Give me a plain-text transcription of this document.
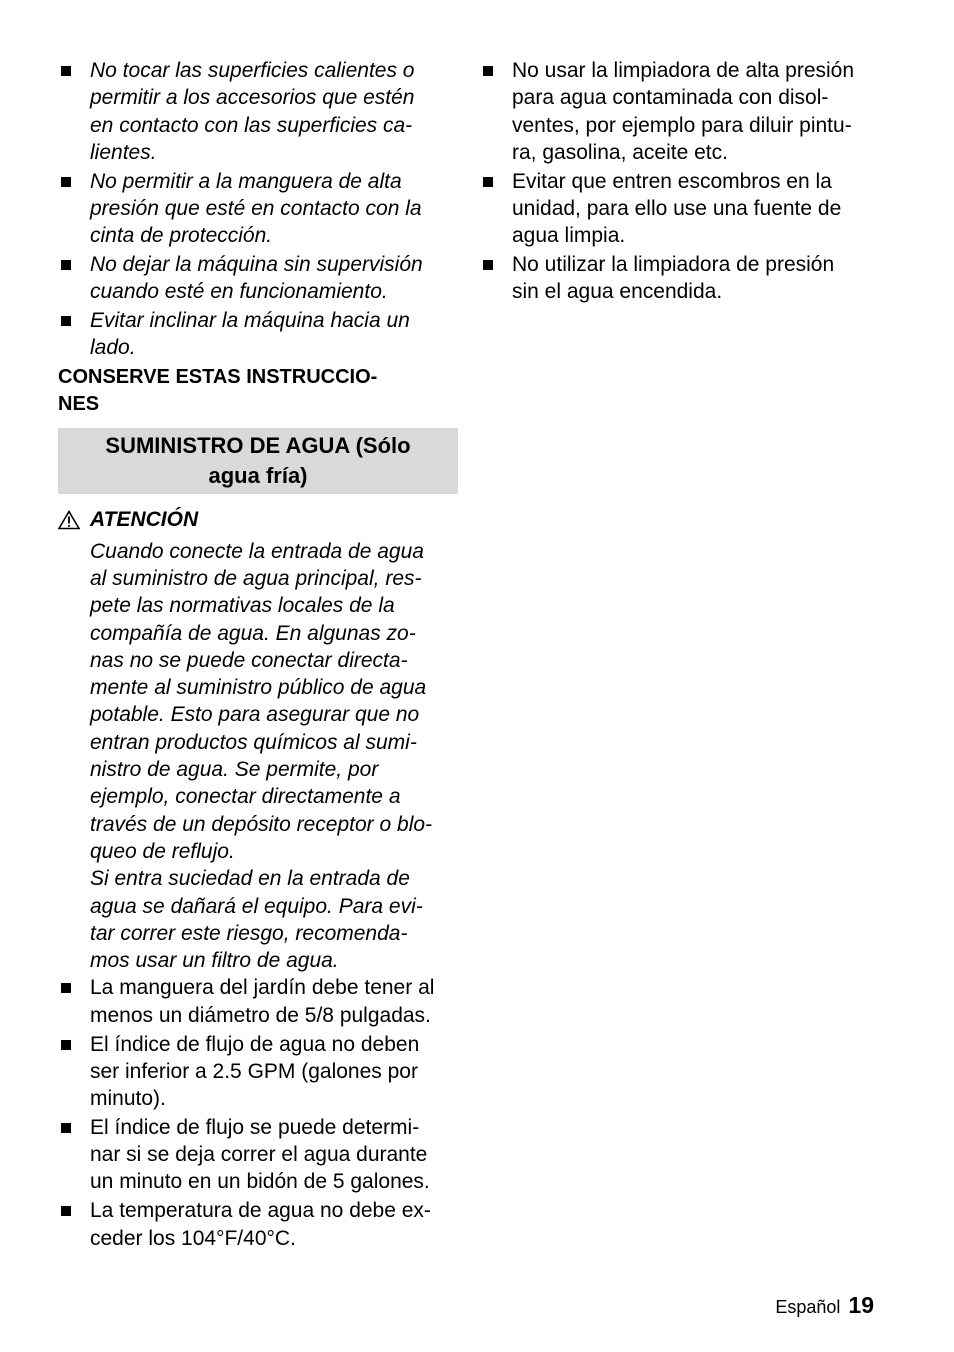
No tocar las superficies calientes o
permitir a los accesorios que estén
en contacto con las superficies ca-
lientes.
No permitir a la manguera de alta
presión que esté en contacto con la
cinta de protección.
No dejar la máquina sin supervisión
cuando esté en funcionamiento.
Evitar inclinar la máquina hacia un
lado.
CONSERVE ESTAS INSTRUCCIO-
NES
SUMINISTRO DE AGUA (Sólo
agua fría)
ATENCIÓN

Cuando conecte la entrada de agua
al suministro de agua principal, res-
pete las normativas locales de la
compañía de agua. En algunas zo-
nas no se puede conectar directa-
mente al suministro público de agua
potable. Esto para asegurar que no
entran productos químicos al sumi-
nistro de agua. Se permite, por
ejemplo, conectar directamente a
través de un depósito receptor o blo-
queo de reflujo.

Si entra suciedad en la entrada de
agua se dañará el equipo. Para evi-
tar correr este riesgo, recomenda-
mos usar un filtro de agua.

La manguera del jardín debe tener al
menos un diámetro de 5/8 pulgadas.
El índice de flujo de agua no deben
ser inferior a 2.5 GPM (galones por
minuto).
El índice de flujo se puede determi-
nar si se deja correr el agua durante
un minuto en un bidón de 5 galones.
La temperatura de agua no debe ex-
ceder los 104°F/40°C.
No usar la limpiadora de alta presión
para agua contaminada con disol-
ventes, por ejemplo para diluir pintu-
ra, gasolina, aceite etc.
Evitar que entren escombros en la
unidad, para ello use una fuente de
agua limpia.
No utilizar la limpiadora de presión
sin el agua encendida.
Español 19
